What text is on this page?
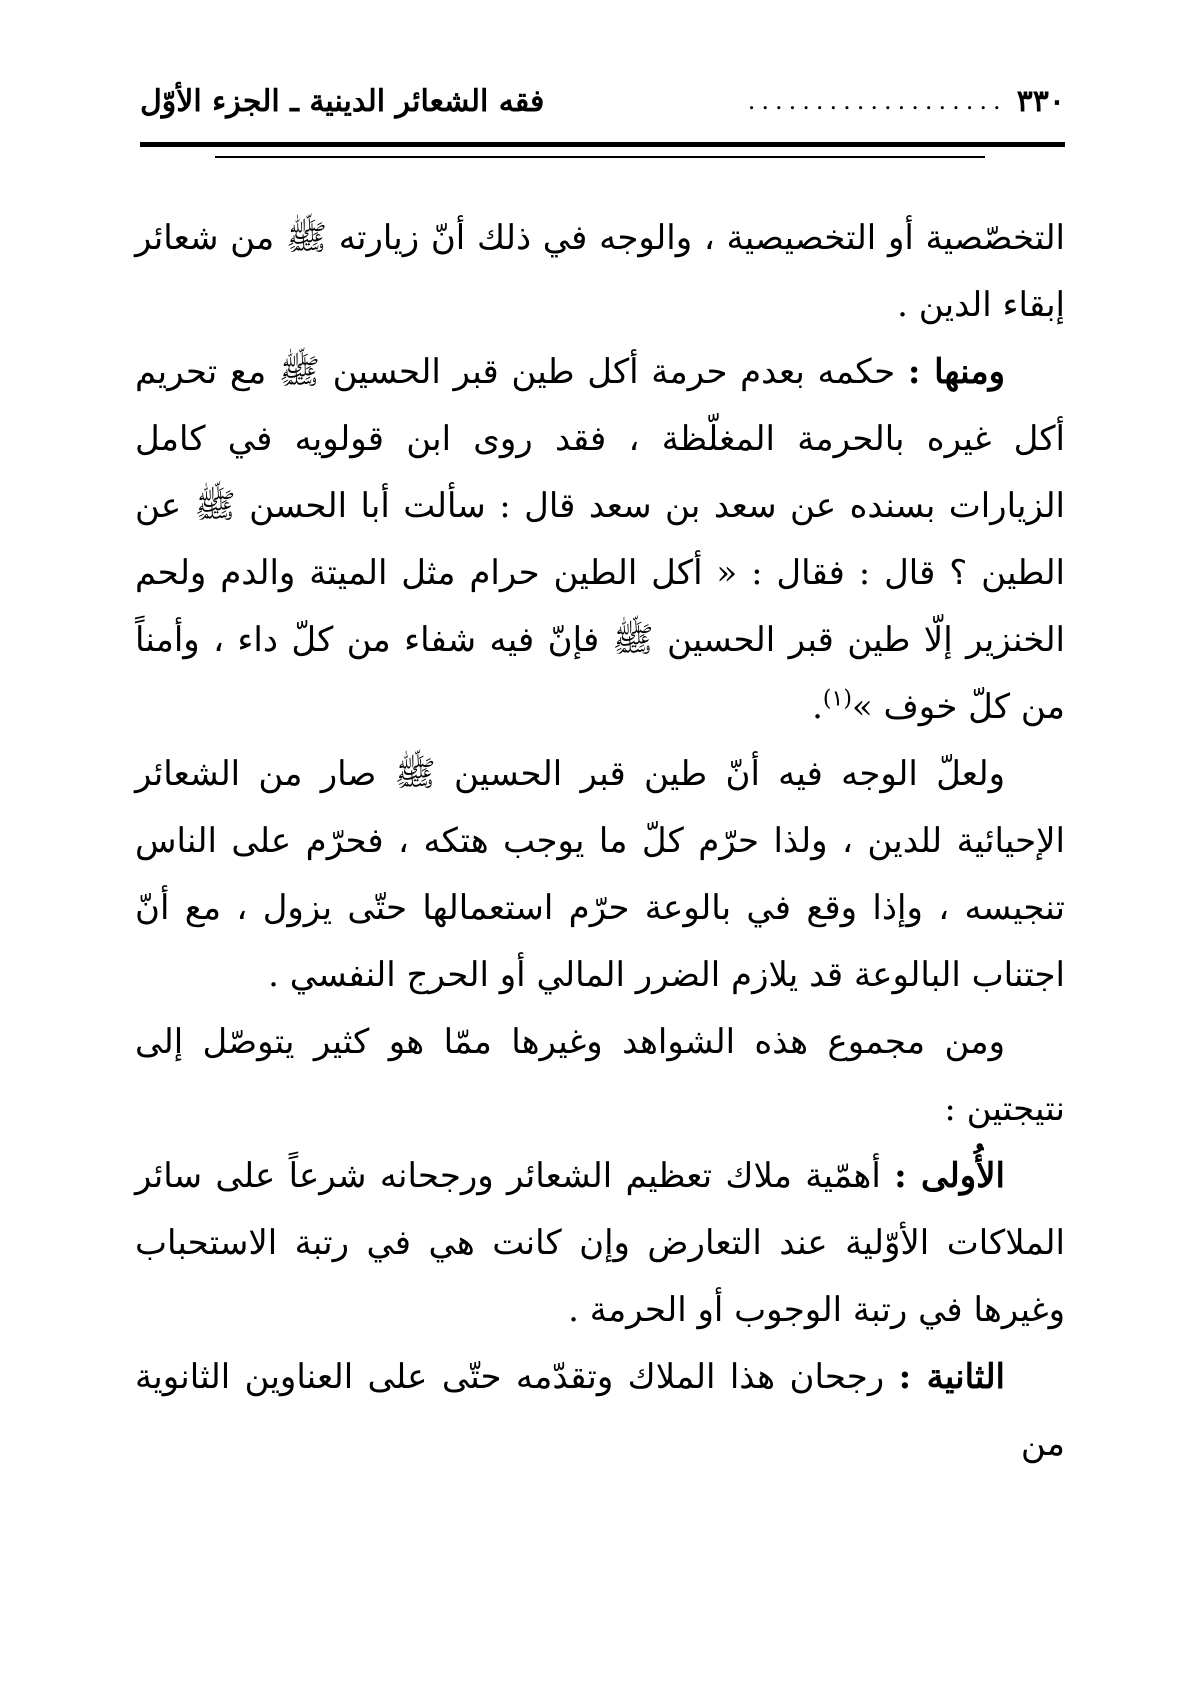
٣٣٠
...................
فقه الشعائر الدينية ـ الجزء الأوّل

التخصّصية أو التخصيصية ، والوجه في ذلك أنّ زيارته ﷺ من شعائر إبقاء الدين .

ومنها : حكمه بعدم حرمة أكل طين قبر الحسين ﷺ مع تحريم أكل غيره بالحرمة المغلّظة ، فقد روى ابن قولويه في كامل الزيارات بسنده عن سعد بن سعد قال : سألت أبا الحسن ﷺ عن الطين ؟ قال : فقال : « أكل الطين حرام مثل الميتة والدم ولحم الخنزير إلّا طين قبر الحسين ﷺ فإنّ فيه شفاء من كلّ داء ، وأمناً من كلّ خوف »$^{(١)}$.

ولعلّ الوجه فيه أنّ طين قبر الحسين ﷺ صار من الشعائر الإحيائية للدين ، ولذا حرّم كلّ ما يوجب هتكه ، فحرّم على الناس تنجيسه ، وإذا وقع في بالوعة حرّم استعمالها حتّى يزول ، مع أنّ اجتناب البالوعة قد يلازم الضرر المالي أو الحرج النفسي .

ومن مجموع هذه الشواهد وغيرها ممّا هو كثير يتوصّل إلى نتيجتين :

الأُولى : أهمّية ملاك تعظيم الشعائر ورجحانه شرعاً على سائر الملاكات الأوّلية عند التعارض وإن كانت هي في رتبة الاستحباب وغيرها في رتبة الوجوب أو الحرمة .

الثانية : رجحان هذا الملاك وتقدّمه حتّى على العناوين الثانوية من
